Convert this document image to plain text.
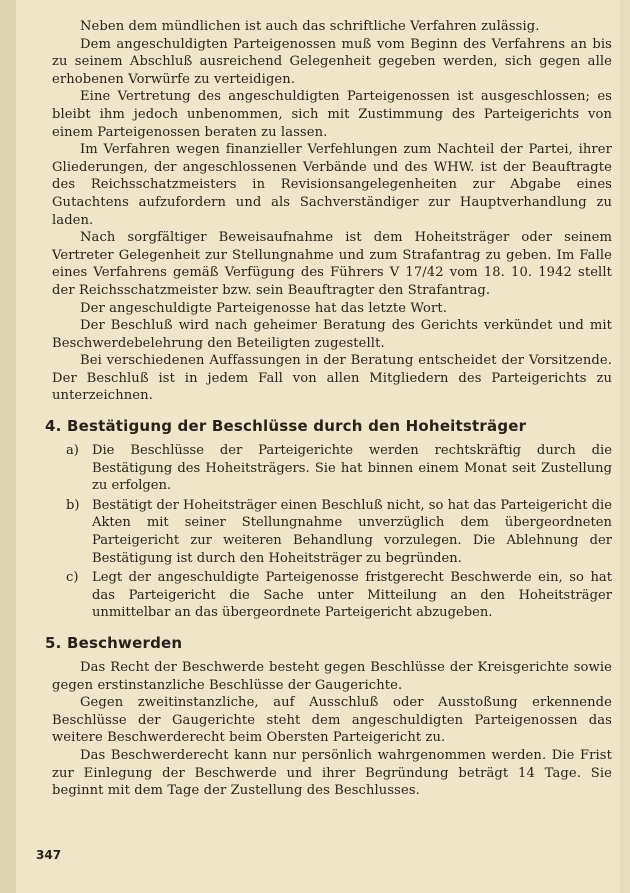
Neben dem mündlichen ist auch das schriftliche Verfahren zulässig.

Dem angeschuldigten Parteigenossen muß vom Beginn des Verfahrens an bis zu seinem Abschluß ausreichend Gelegenheit gegeben werden, sich gegen alle erhobenen Vorwürfe zu verteidigen.

Eine Vertretung des angeschuldigten Parteigenossen ist ausgeschlossen; es bleibt ihm jedoch unbenommen, sich mit Zustimmung des Parteigerichts von einem Parteigenossen beraten zu lassen.

Im Verfahren wegen finanzieller Verfehlungen zum Nachteil der Partei, ihrer Gliederungen, der angeschlossenen Verbände und des WHW. ist der Beauftragte des Reichsschatzmeisters in Revisionsangelegenheiten zur Abgabe eines Gutachtens aufzufordern und als Sachverständiger zur Hauptverhandlung zu laden.

Nach sorgfältiger Beweisaufnahme ist dem Hoheitsträger oder seinem Vertreter Gelegenheit zur Stellungnahme und zum Strafantrag zu geben. Im Falle eines Verfahrens gemäß Verfügung des Führers V 17/42 vom 18. 10. 1942 stellt der Reichsschatzmeister bzw. sein Beauftragter den Strafantrag.

Der angeschuldigte Parteigenosse hat das letzte Wort.

Der Beschluß wird nach geheimer Beratung des Gerichts verkündet und mit Beschwerdebelehrung den Beteiligten zugestellt.

Bei verschiedenen Auffassungen in der Beratung entscheidet der Vorsitzende. Der Beschluß ist in jedem Fall von allen Mitgliedern des Parteigerichts zu unterzeichnen.

4. Bestätigung der Beschlüsse durch den Hoheitsträger
a) Die Beschlüsse der Parteigerichte werden rechtskräftig durch die Bestätigung des Hoheitsträgers. Sie hat binnen einem Monat seit Zustellung zu erfolgen.
b) Bestätigt der Hoheitsträger einen Beschluß nicht, so hat das Parteigericht die Akten mit seiner Stellungnahme unverzüglich dem übergeordneten Parteigericht zur weiteren Behandlung vorzulegen. Die Ablehnung der Bestätigung ist durch den Hoheitsträger zu begründen.
c) Legt der angeschuldigte Parteigenosse fristgerecht Beschwerde ein, so hat das Parteigericht die Sache unter Mitteilung an den Hoheitsträger unmittelbar an das übergeordnete Parteigericht abzugeben.
5. Beschwerden

Das Recht der Beschwerde besteht gegen Beschlüsse der Kreisgerichte sowie gegen erstinstanzliche Beschlüsse der Gaugerichte.

Gegen zweitinstanzliche, auf Ausschluß oder Ausstoßung erkennende Beschlüsse der Gaugerichte steht dem angeschuldigten Parteigenossen das weitere Beschwerderecht beim Obersten Parteigericht zu.

Das Beschwerderecht kann nur persönlich wahrgenommen werden. Die Frist zur Einlegung der Beschwerde und ihrer Begründung beträgt 14 Tage. Sie beginnt mit dem Tage der Zustellung des Beschlusses.

347
